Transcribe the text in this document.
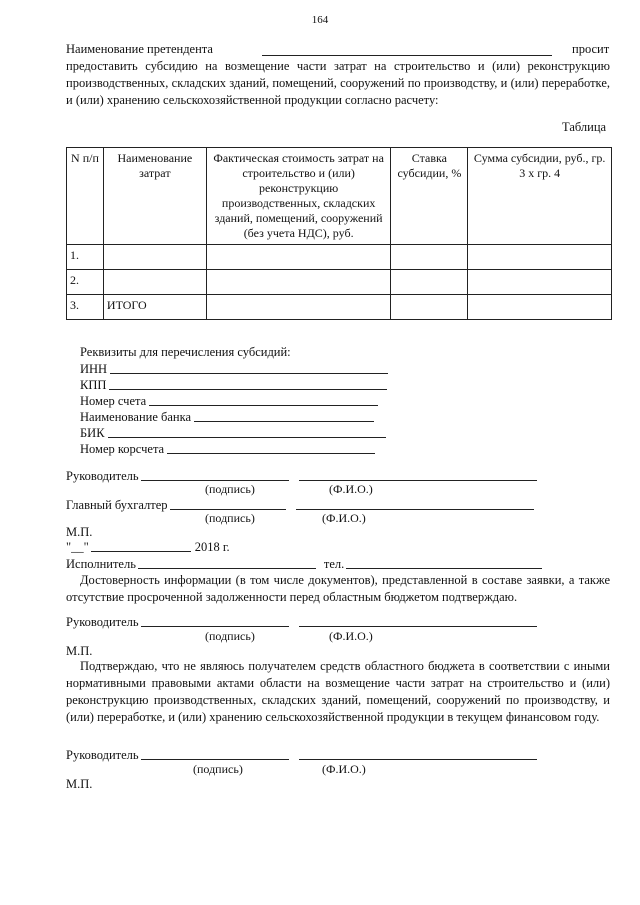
164
Наименование претендента	просит
предоставить субсидию на возмещение части затрат на строительство и (или) реконструкцию производственных, складских зданий, помещений, сооружений по производству, и (или) переработке, и (или) хранению сельскохозяйственной продукции согласно расчету:
Таблица
N п/п	Наименование затрат	Фактическая стоимость затрат на строительство и (или) реконструкцию производственных, складских зданий, помещений, сооружений (без учета НДС), руб.	Ставка субсидии, %	Сумма субсидии, руб., гр. 3 x гр. 4
1.				
2.				
3.	ИТОГО			
Реквизиты для перечисления субсидий:
ИНН
КПП
Номер счета
Наименование банка
БИК
Номер корсчета
Руководитель
(подпись)	(Ф.И.О.)
Главный бухгалтер
(подпись)	(Ф.И.О.)
М.П.
"__"	2018 г.
Исполнитель	тел.
Достоверность информации (в том числе документов), представленной в составе заявки, а также отсутствие просроченной задолженности перед областным бюджетом подтверждаю.
Руководитель
(подпись)	(Ф.И.О.)
М.П.
Подтверждаю, что не являюсь получателем средств областного бюджета в соответствии с иными нормативными правовыми актами области на возмещение части затрат на строительство и (или) реконструкцию производственных, складских зданий, помещений, сооружений по производству, и (или) переработке, и (или) хранению сельскохозяйственной продукции в текущем финансовом году.
Руководитель
(подпись)	(Ф.И.О.)
М.П.
